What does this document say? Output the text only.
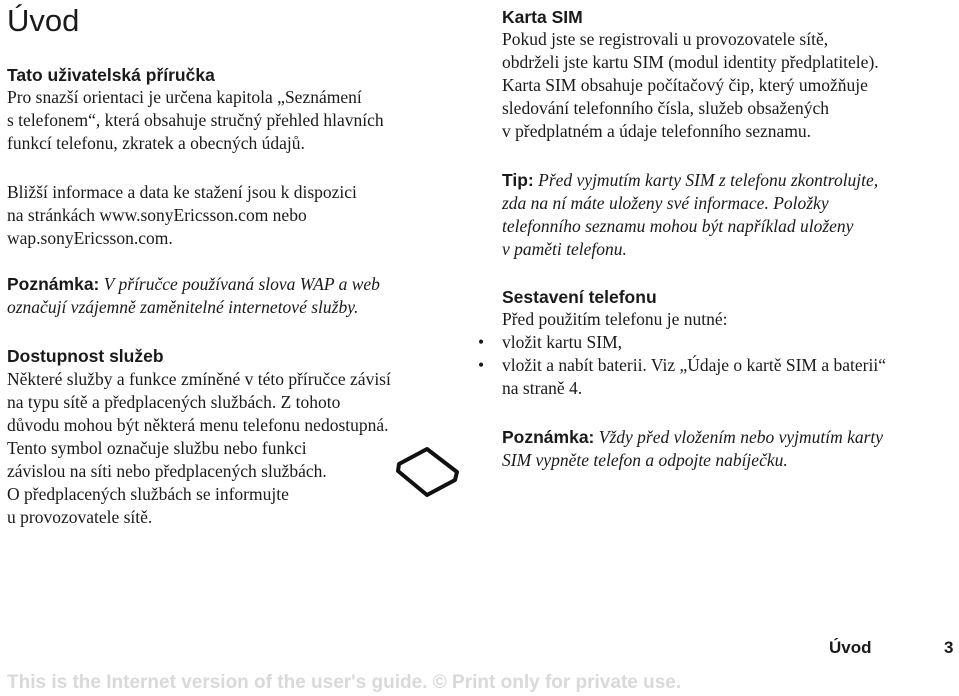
Úvod
Tato uživatelská příručka

Pro snazší orientaci je určena kapitola „Seznámení

s telefonem“, která obsahuje stručný přehled hlavních

funkcí telefonu, zkratek a obecných údajů.

Bližší informace a data ke stažení jsou k dispozici

na stránkách www.sonyEricsson.com nebo

wap.sonyEricsson.com.

Poznámka: V příručce používaná slova WAP a web

označují vzájemně zaměnitelné internetové služby.

Dostupnost služeb

Některé služby a funkce zmíněné v této příručce závisí

na typu sítě a předplacených službách. Z tohoto

důvodu mohou být některá menu telefonu nedostupná.

Tento symbol označuje službu nebo funkci

závislou na síti nebo předplacených službách.

O předplacených službách se informujte

u provozovatele sítě.

Karta SIM

Pokud jste se registrovali u provozovatele sítě,

obdrželi jste kartu SIM (modul identity předplatitele).

Karta SIM obsahuje počítačový čip, který umožňuje

sledování telefonního čísla, služeb obsažených

v předplatném a údaje telefonního seznamu.

Tip: Před vyjmutím karty SIM z telefonu zkontrolujte,

zda na ní máte uloženy své informace. Položky

telefonního seznamu mohou být například uloženy

v paměti telefonu.

Sestavení telefonu

Před použitím telefonu je nutné:

• vložit kartu SIM,
• vložit a nabít baterii. Viz „Údaje o kartě SIM a baterii“

na straně 4.

Poznámka: Vždy před vložením nebo vyjmutím karty

SIM vypněte telefon a odpojte nabíječku.

Úvod	3
This is the Internet version of the user's guide. © Print only for private use.
